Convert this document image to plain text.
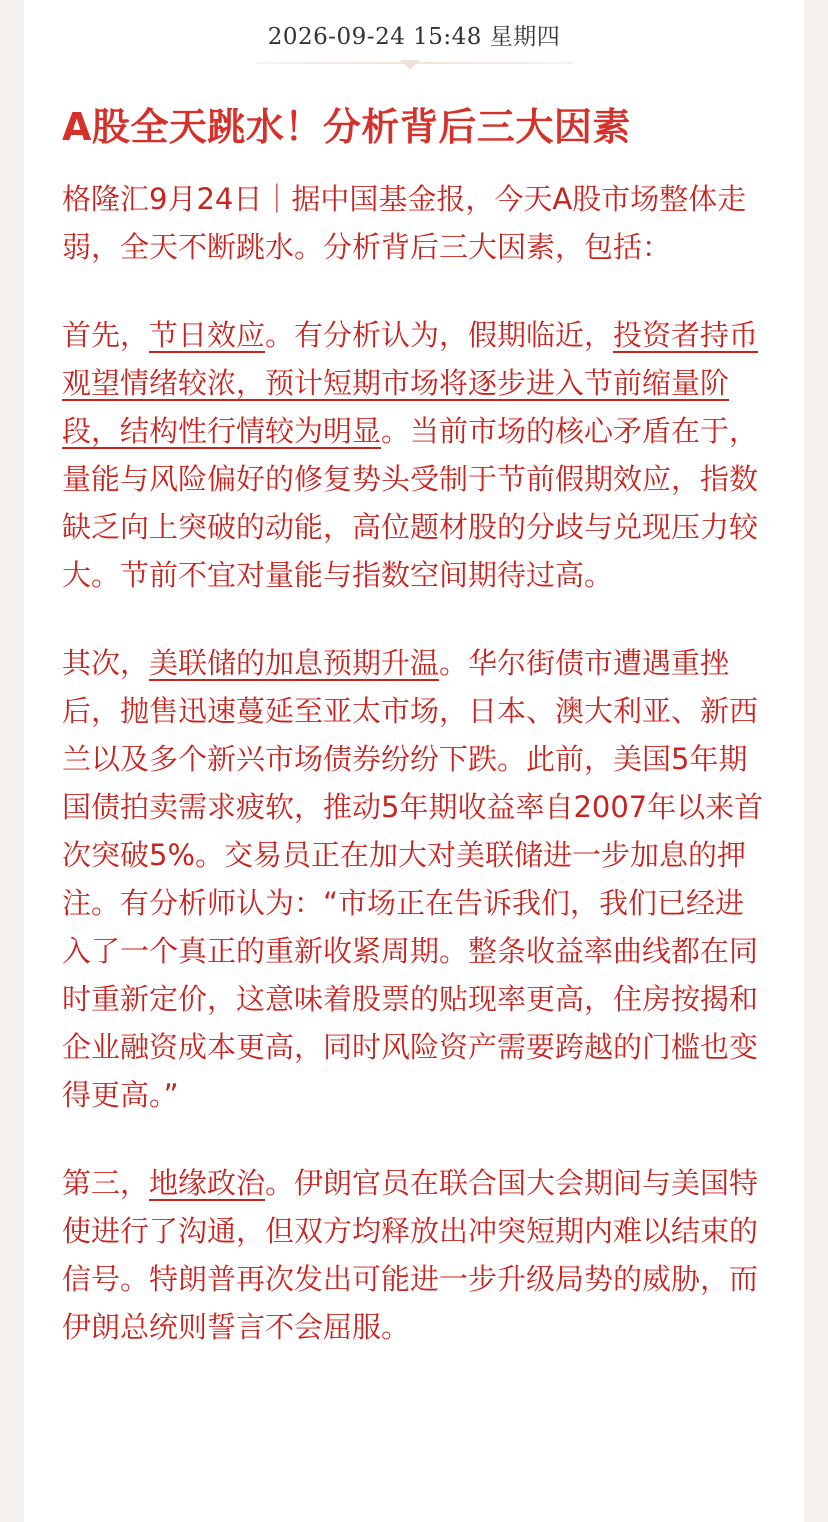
2026-09-24 15:48 星期四
A股全天跳水！分析背后三大因素

格隆汇9月24日｜据中国基金报，今天A股市场整体走弱，全天不断跳水。分析背后三大因素，包括：

首先，节日效应。有分析认为，假期临近，投资者持币观望情绪较浓，预计短期市场将逐步进入节前缩量阶段，结构性行情较为明显。当前市场的核心矛盾在于，量能与风险偏好的修复势头受制于节前假期效应，指数缺乏向上突破的动能，高位题材股的分歧与兑现压力较大。节前不宜对量能与指数空间期待过高。

其次，美联储的加息预期升温。华尔街债市遭遇重挫后，抛售迅速蔓延至亚太市场，日本、澳大利亚、新西兰以及多个新兴市场债券纷纷下跌。此前，美国5年期国债拍卖需求疲软，推动5年期收益率自2007年以来首次突破5%。交易员正在加大对美联储进一步加息的押注。有分析师认为：“市场正在告诉我们，我们已经进入了一个真正的重新收紧周期。整条收益率曲线都在同时重新定价，这意味着股票的贴现率更高，住房按揭和企业融资成本更高，同时风险资产需要跨越的门槛也变得更高。”

第三，地缘政治。伊朗官员在联合国大会期间与美国特使进行了沟通，但双方均释放出冲突短期内难以结束的信号。特朗普再次发出可能进一步升级局势的威胁，而伊朗总统则誓言不会屈服。
